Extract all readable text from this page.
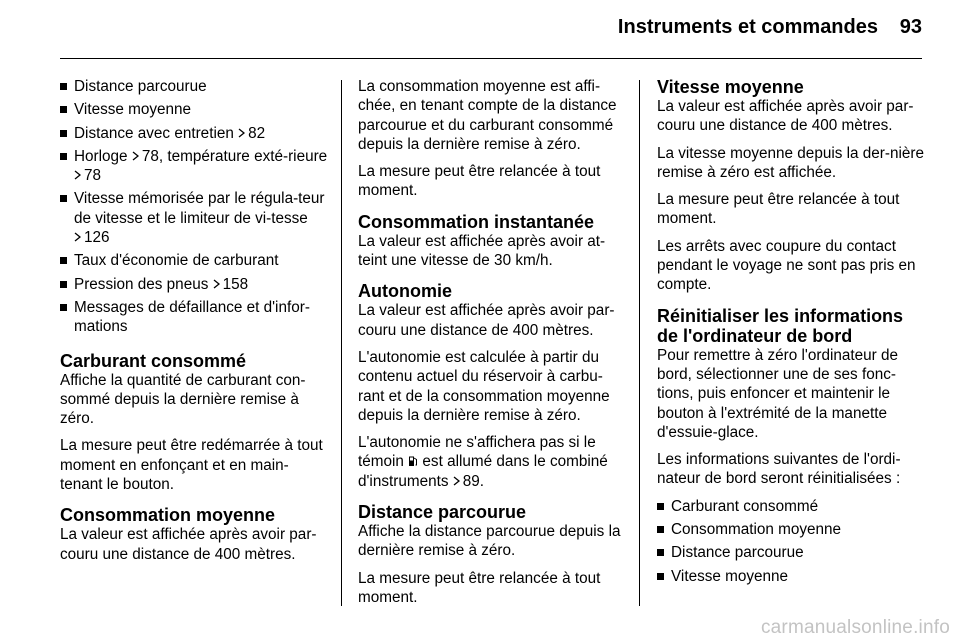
Instruments et commandes 93
Distance parcourue
Vitesse moyenne
Distance avec entretien 82
Horloge 78, température exté-rieure 78
Vitesse mémorisée par le régula-teur de vitesse et le limiteur de vi-tesse 126
Taux d'économie de carburant
Pression des pneus 158
Messages de défaillance et d'infor-mations
Carburant consommé

Affiche la quantité de carburant con-sommé depuis la dernière remise à zéro.

La mesure peut être redémarrée à tout moment en enfonçant et en main-tenant le bouton.

Consommation moyenne

La valeur est affichée après avoir par-couru une distance de 400 mètres.

La consommation moyenne est affi-chée, en tenant compte de la distance parcourue et du carburant consommé depuis la dernière remise à zéro.

La mesure peut être relancée à tout moment.

Consommation instantanée

La valeur est affichée après avoir at-teint une vitesse de 30 km/h.

Autonomie

La valeur est affichée après avoir par-couru une distance de 400 mètres.

L'autonomie est calculée à partir du contenu actuel du réservoir à carbu-rant et de la consommation moyenne depuis la dernière remise à zéro.

L'autonomie ne s'affichera pas si le témoin  est allumé dans le combiné d'instruments 89.

Distance parcourue

Affiche la distance parcourue depuis la dernière remise à zéro.

La mesure peut être relancée à tout moment.

Vitesse moyenne

La valeur est affichée après avoir par-couru une distance de 400 mètres.

La vitesse moyenne depuis la der-nière remise à zéro est affichée.

La mesure peut être relancée à tout moment.

Les arrêts avec coupure du contact pendant le voyage ne sont pas pris en compte.

Réinitialiser les informations de l'ordinateur de bord

Pour remettre à zéro l'ordinateur de bord, sélectionner une de ses fonc-tions, puis enfoncer et maintenir le bouton à l'extrémité de la manette d'essuie-glace.

Les informations suivantes de l'ordi-nateur de bord seront réinitialisées :

Carburant consommé
Consommation moyenne
Distance parcourue
Vitesse moyenne
carmanualsonline.info
